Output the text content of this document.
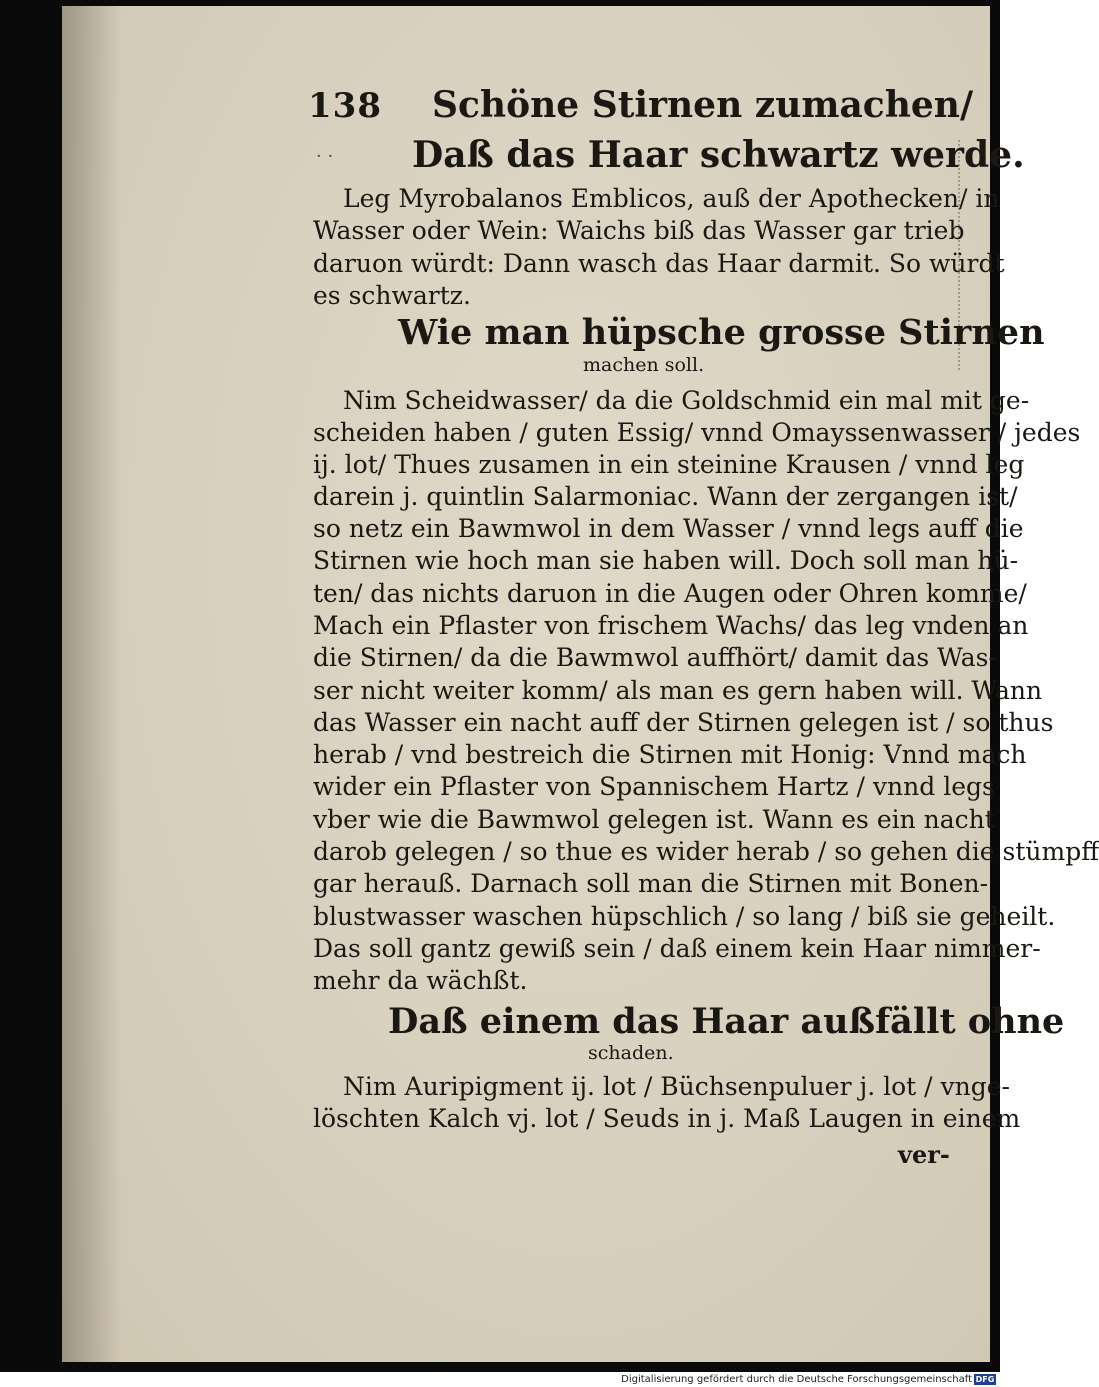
138 Schöne Stirnen zumachen/
Daß das Haar schwartz werde.
· ·
Leg Myrobalanos Emblicos, auß der Apothecken/ in
Wasser oder Wein: Waichs biß das Wasser gar trieb
daruon würdt: Dann wasch das Haar darmit. So würdt
es schwartz.
Wie man hüpsche grosse Stirnen
machen soll.
Nim Scheidwasser/ da die Goldschmid ein mal mit ge-
scheiden haben / guten Essig/ vnnd Omayssenwasser / jedes
ij. lot/ Thues zusamen in ein steinine Krausen / vnnd leg
darein j. quintlin Salarmoniac. Wann der zergangen ist/
so netz ein Bawmwol in dem Wasser / vnnd legs auff die
Stirnen wie hoch man sie haben will. Doch soll man hü-
ten/ das nichts daruon in die Augen oder Ohren komme/
Mach ein Pflaster von frischem Wachs/ das leg vnden an
die Stirnen/ da die Bawmwol auffhört/ damit das Was-
ser nicht weiter komm/ als man es gern haben will. Wann
das Wasser ein nacht auff der Stirnen gelegen ist / so thus
herab / vnd bestreich die Stirnen mit Honig: Vnnd mach
wider ein Pflaster von Spannischem Hartz / vnnd legs
vber wie die Bawmwol gelegen ist. Wann es ein nacht
darob gelegen / so thue es wider herab / so gehen die stümpff
gar herauß. Darnach soll man die Stirnen mit Bonen-
blustwasser waschen hüpschlich / so lang / biß sie geheilt.
Das soll gantz gewiß sein / daß einem kein Haar nimmer-
mehr da wächßt.
Daß einem das Haar außfällt ohne
schaden.
Nim Auripigment ij. lot / Büchsenpuluer j. lot / vnge-
löschten Kalch vj. lot / Seuds in j. Maß Laugen in einem
ver-
Digitalisierung gefördert durch die Deutsche Forschungsgemeinschaft DFG
